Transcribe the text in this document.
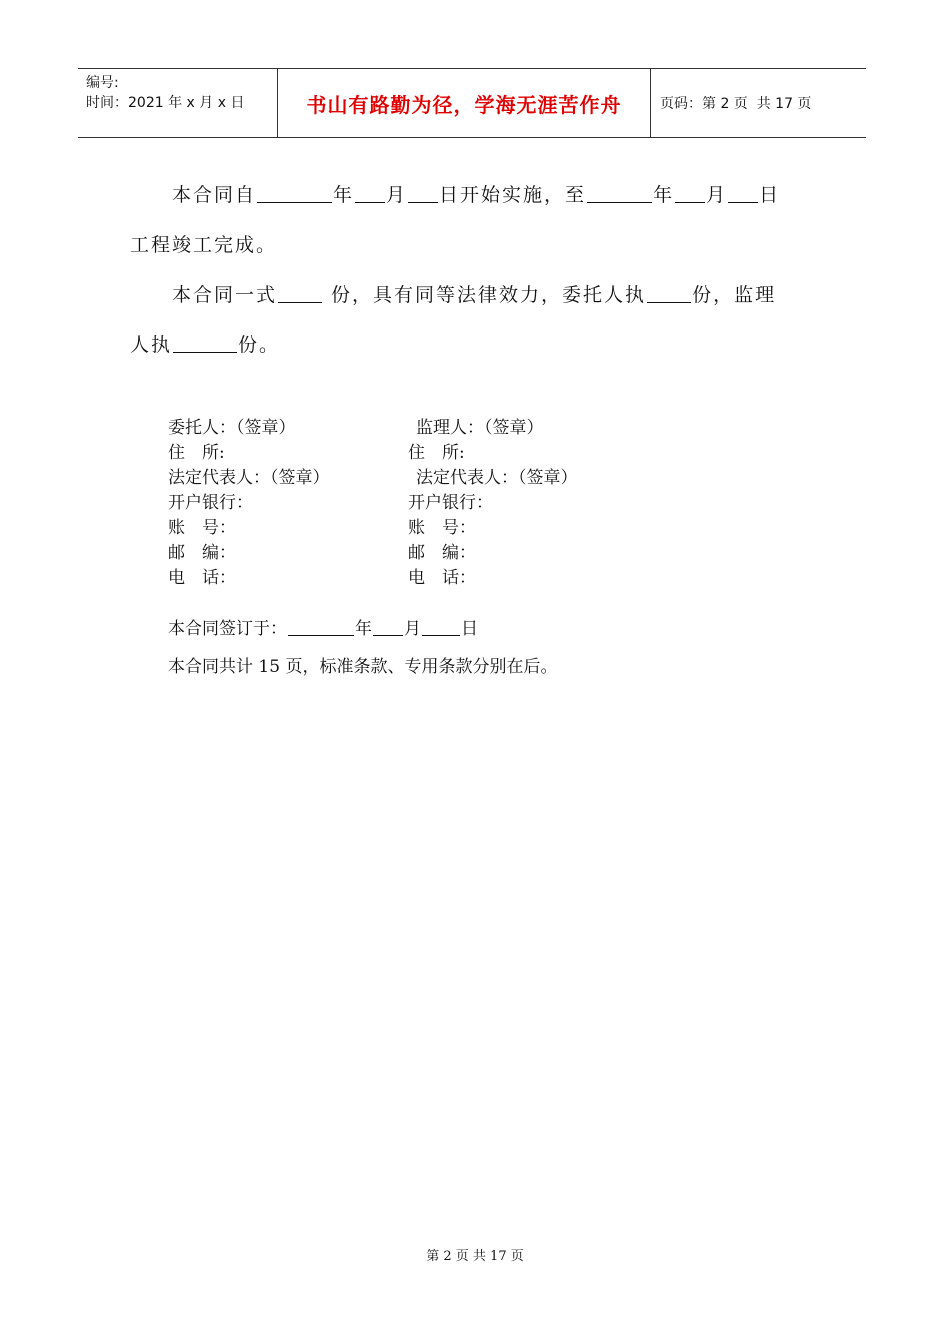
编号:
时间：2021 年 x 月 x 日	书山有路勤为径，学海无涯苦作舟	页码：第 2 页  共 17 页
本合同自	年 月 日开始实施，至	年 月 日
工程竣工完成。
本合同一式 份，具有同等法律效力，委托人执 份，监理
人执	份。
委托人：（签章）	监理人：（签章）
住　所:	住　所:
法定代表人：（签章）	法定代表人：（签章）
开户银行：	开户银行：
账　号：	账　号：
邮　编：	邮　编：
电　话：	电　话：
本合同签订于：	年 月 日
本合同共计 15 页，标准条款、专用条款分别在后。
第 2 页 共 17 页
